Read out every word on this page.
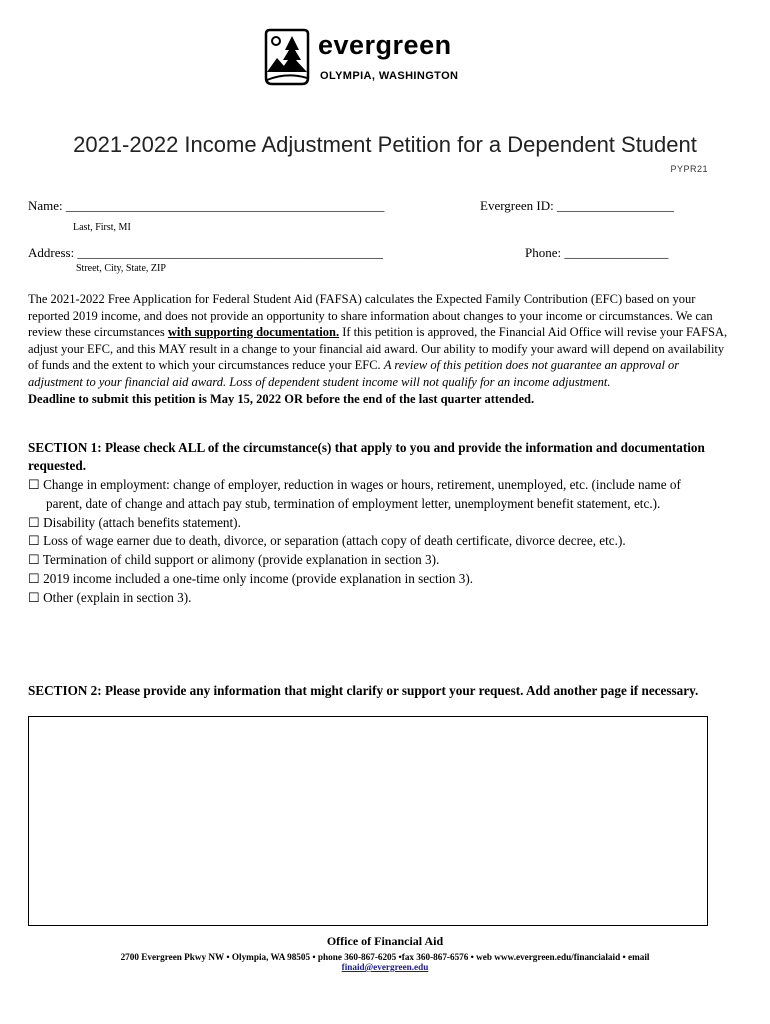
evergreen
OLYMPIA, WASHINGTON
2021-2022 Income Adjustment Petition for a Dependent Student
PYPR21
Name: _________________________________________________
Last, First, MI
Evergreen ID: __________________
Address: _______________________________________________
Street, City, State, ZIP
Phone: ________________
The 2021-2022 Free Application for Federal Student Aid (FAFSA) calculates the Expected Family Contribution (EFC) based on your reported 2019 income, and does not provide an opportunity to share information about changes to your income or circumstances. We can review these circumstances with supporting documentation. If this petition is approved, the Financial Aid Office will revise your FAFSA, adjust your EFC, and this MAY result in a change to your financial aid award. Our ability to modify your award will depend on availability of funds and the extent to which your circumstances reduce your EFC. A review of this petition does not guarantee an approval or adjustment to your financial aid award. Loss of dependent student income will not qualify for an income adjustment.
Deadline to submit this petition is May 15, 2022 OR before the end of the last quarter attended.
SECTION 1: Please check ALL of the circumstance(s) that apply to you and provide the information and documentation requested.
☐ Change in employment: change of employer, reduction in wages or hours, retirement, unemployed, etc. (include name of parent, date of change and attach pay stub, termination of employment letter, unemployment benefit statement, etc.).
☐ Disability (attach benefits statement).
☐ Loss of wage earner due to death, divorce, or separation (attach copy of death certificate, divorce decree, etc.).
☐ Termination of child support or alimony (provide explanation in section 3).
☐ 2019 income included a one-time only income (provide explanation in section 3).
☐ Other (explain in section 3).
SECTION 2: Please provide any information that might clarify or support your request. Add another page if necessary.
Office of Financial Aid
2700 Evergreen Pkwy NW • Olympia, WA 98505 • phone 360-867-6205 •fax 360-867-6576 • web www.evergreen.edu/financialaid • email
finaid@evergreen.edu
